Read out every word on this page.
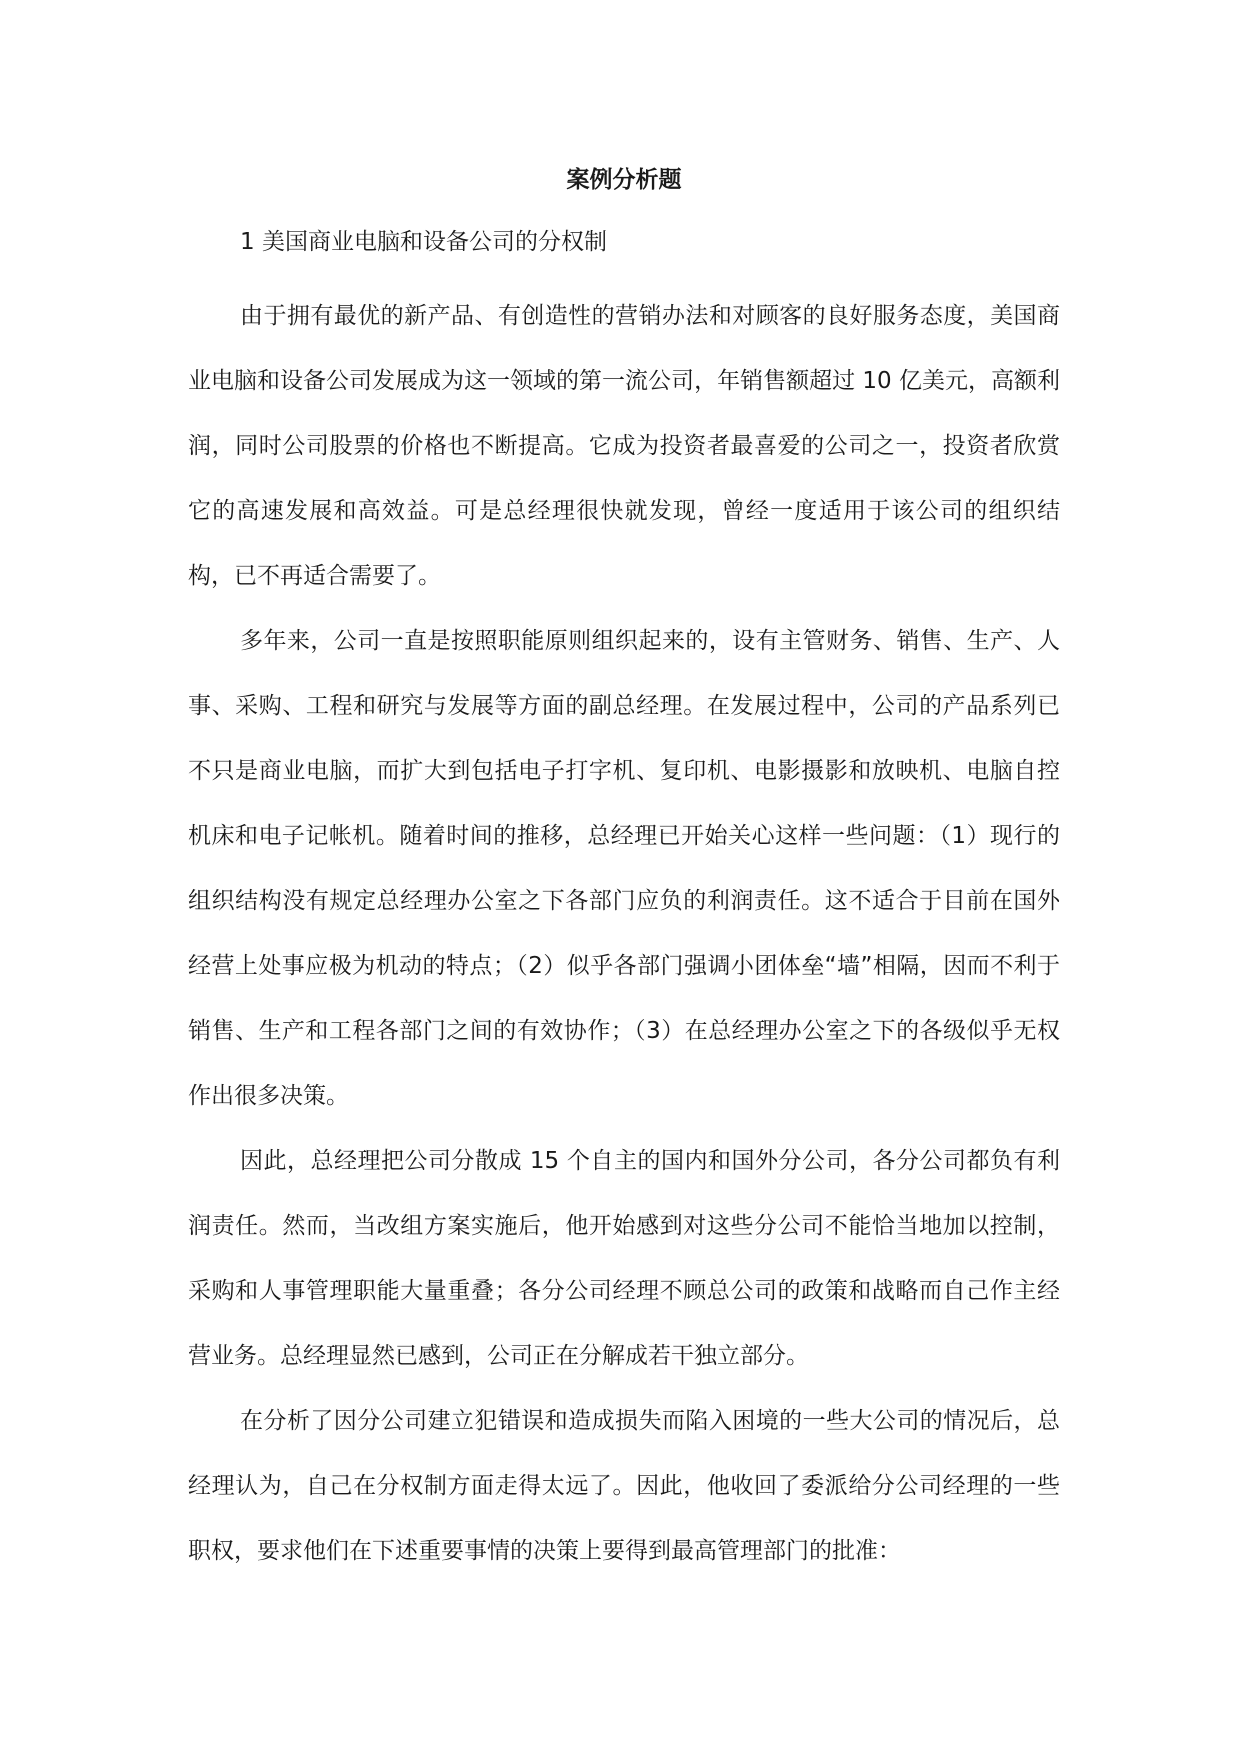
案例分析题
1 美国商业电脑和设备公司的分权制

由于拥有最优的新产品、有创造性的营销办法和对顾客的良好服务态度，美国商业电脑和设备公司发展成为这一领域的第一流公司，年销售额超过 10 亿美元，高额利润，同时公司股票的价格也不断提高。它成为投资者最喜爱的公司之一，投资者欣赏它的高速发展和高效益。可是总经理很快就发现，曾经一度适用于该公司的组织结构，已不再适合需要了。

多年来，公司一直是按照职能原则组织起来的，设有主管财务、销售、生产、人事、采购、工程和研究与发展等方面的副总经理。在发展过程中，公司的产品系列已不只是商业电脑，而扩大到包括电子打字机、复印机、电影摄影和放映机、电脑自控机床和电子记帐机。随着时间的推移，总经理已开始关心这样一些问题：（1）现行的组织结构没有规定总经理办公室之下各部门应负的利润责任。这不适合于目前在国外经营上处事应极为机动的特点；（2）似乎各部门强调小团体垒“墙”相隔，因而不利于销售、生产和工程各部门之间的有效协作；（3）在总经理办公室之下的各级似乎无权作出很多决策。

因此，总经理把公司分散成 15 个自主的国内和国外分公司，各分公司都负有利润责任。然而，当改组方案实施后，他开始感到对这些分公司不能恰当地加以控制，采购和人事管理职能大量重叠；各分公司经理不顾总公司的政策和战略而自己作主经营业务。总经理显然已感到，公司正在分解成若干独立部分。

在分析了因分公司建立犯错误和造成损失而陷入困境的一些大公司的情况后，总经理认为，自己在分权制方面走得太远了。因此，他收回了委派给分公司经理的一些职权，要求他们在下述重要事情的决策上要得到最高管理部门的批准：
